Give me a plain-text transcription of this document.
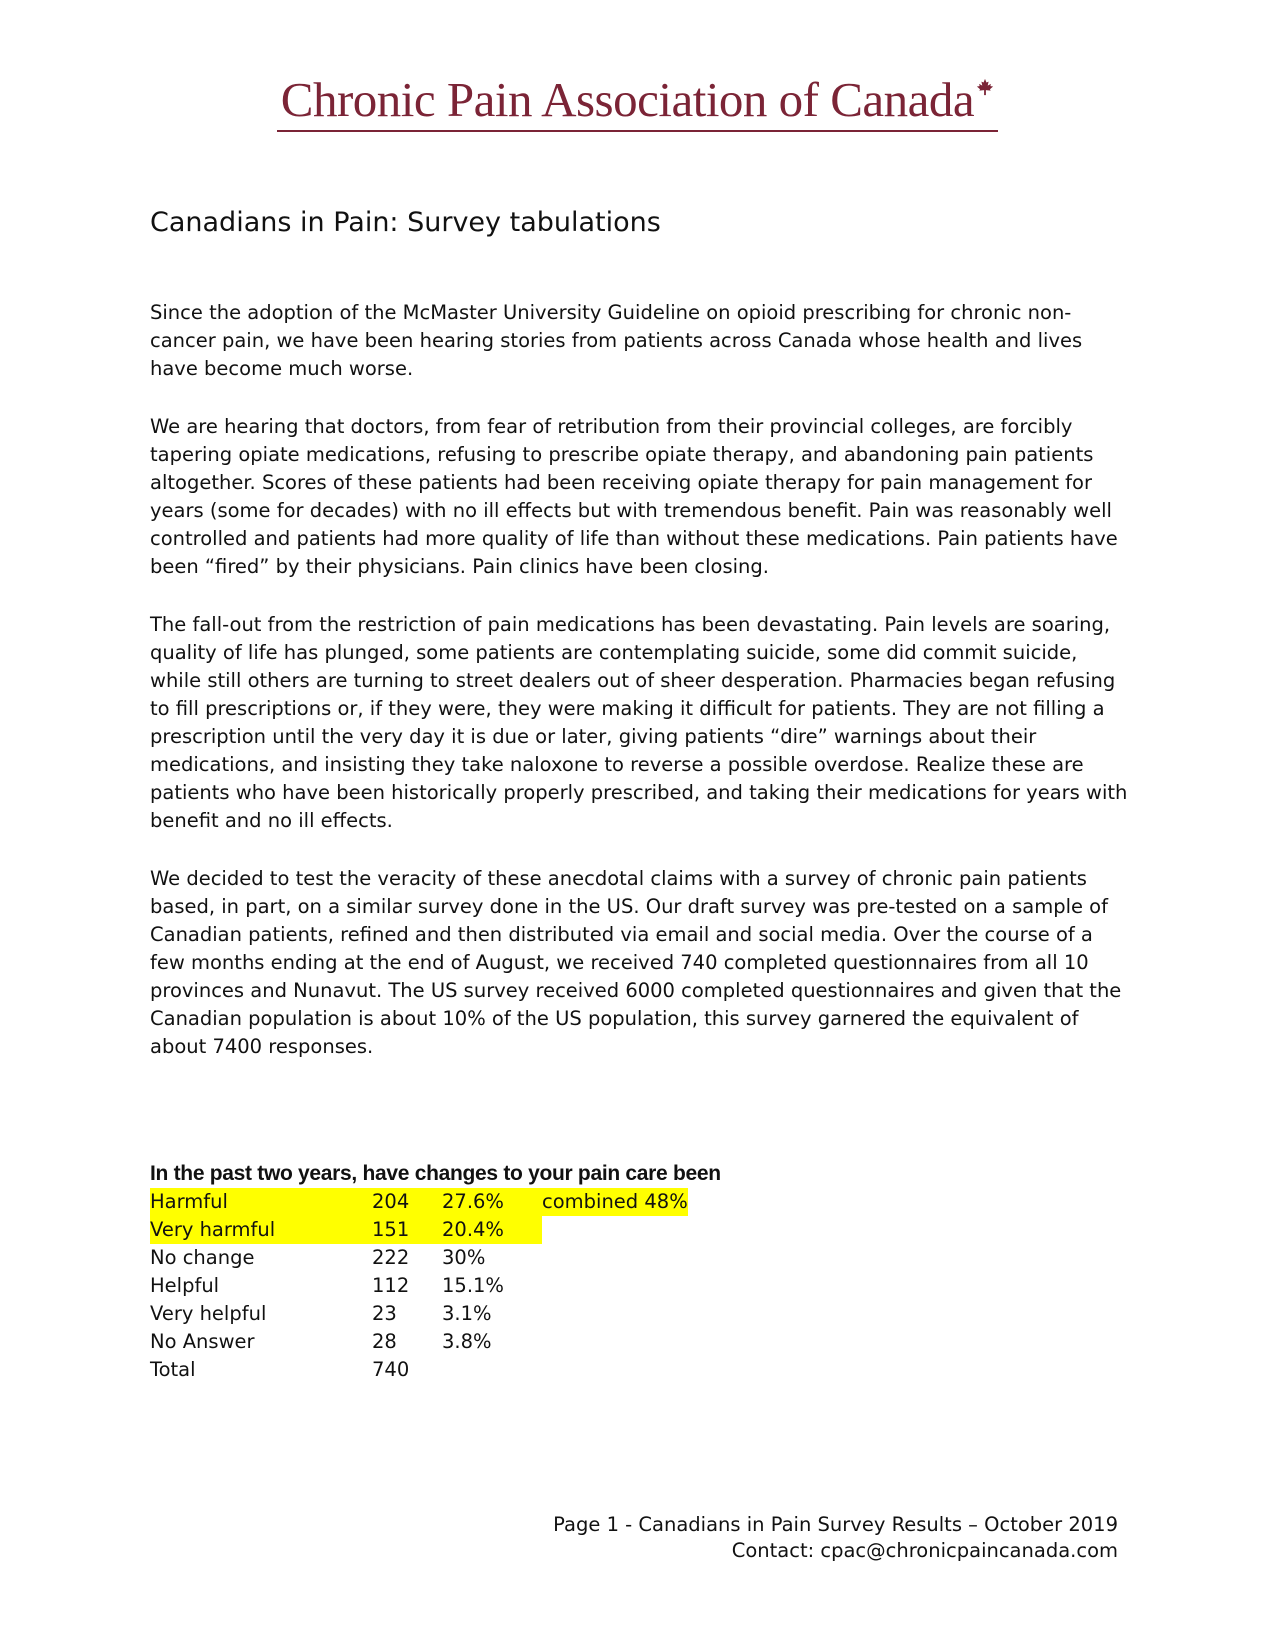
Chronic Pain Association of Canada
Canadians in Pain: Survey tabulations

Since the adoption of the McMaster University Guideline on opioid prescribing for chronic non-cancer pain, we have been hearing stories from patients across Canada whose health and lives have become much worse.

We are hearing that doctors, from fear of retribution from their provincial colleges, are forcibly tapering opiate medications, refusing to prescribe opiate therapy, and abandoning pain patients altogether. Scores of these patients had been receiving opiate therapy for pain management for years (some for decades) with no ill effects but with tremendous benefit. Pain was reasonably well controlled and patients had more quality of life than without these medications. Pain patients have been “fired” by their physicians. Pain clinics have been closing.

The fall-out from the restriction of pain medications has been devastating. Pain levels are soaring, quality of life has plunged, some patients are contemplating suicide, some did commit suicide, while still others are turning to street dealers out of sheer desperation. Pharmacies began refusing to fill prescriptions or, if they were, they were making it difficult for patients. They are not filling a prescription until the very day it is due or later, giving patients “dire” warnings about their medications, and insisting they take naloxone to reverse a possible overdose. Realize these are patients who have been historically properly prescribed, and taking their medications for years with benefit and no ill effects.

We decided to test the veracity of these anecdotal claims with a survey of chronic pain patients based, in part, on a similar survey done in the US. Our draft survey was pre-tested on a sample of Canadian patients, refined and then distributed via email and social media. Over the course of a few months ending at the end of August, we received 740 completed questionnaires from all 10 provinces and Nunavut. The US survey received 6000 completed questionnaires and given that the Canadian population is about 10% of the US population, this survey garnered the equivalent of about 7400 responses.

In the past two years, have changes to your pain care been
Harmful	204	27.6%	combined 48%
Very harmful	151	20.4%	
No change	222	30%	
Helpful	112	15.1%	
Very helpful	23	3.1%	
No Answer	28	3.8%	
Total	740		
Page 1 - Canadians in Pain Survey Results – October 2019
Contact: cpac@chronicpaincanada.com
